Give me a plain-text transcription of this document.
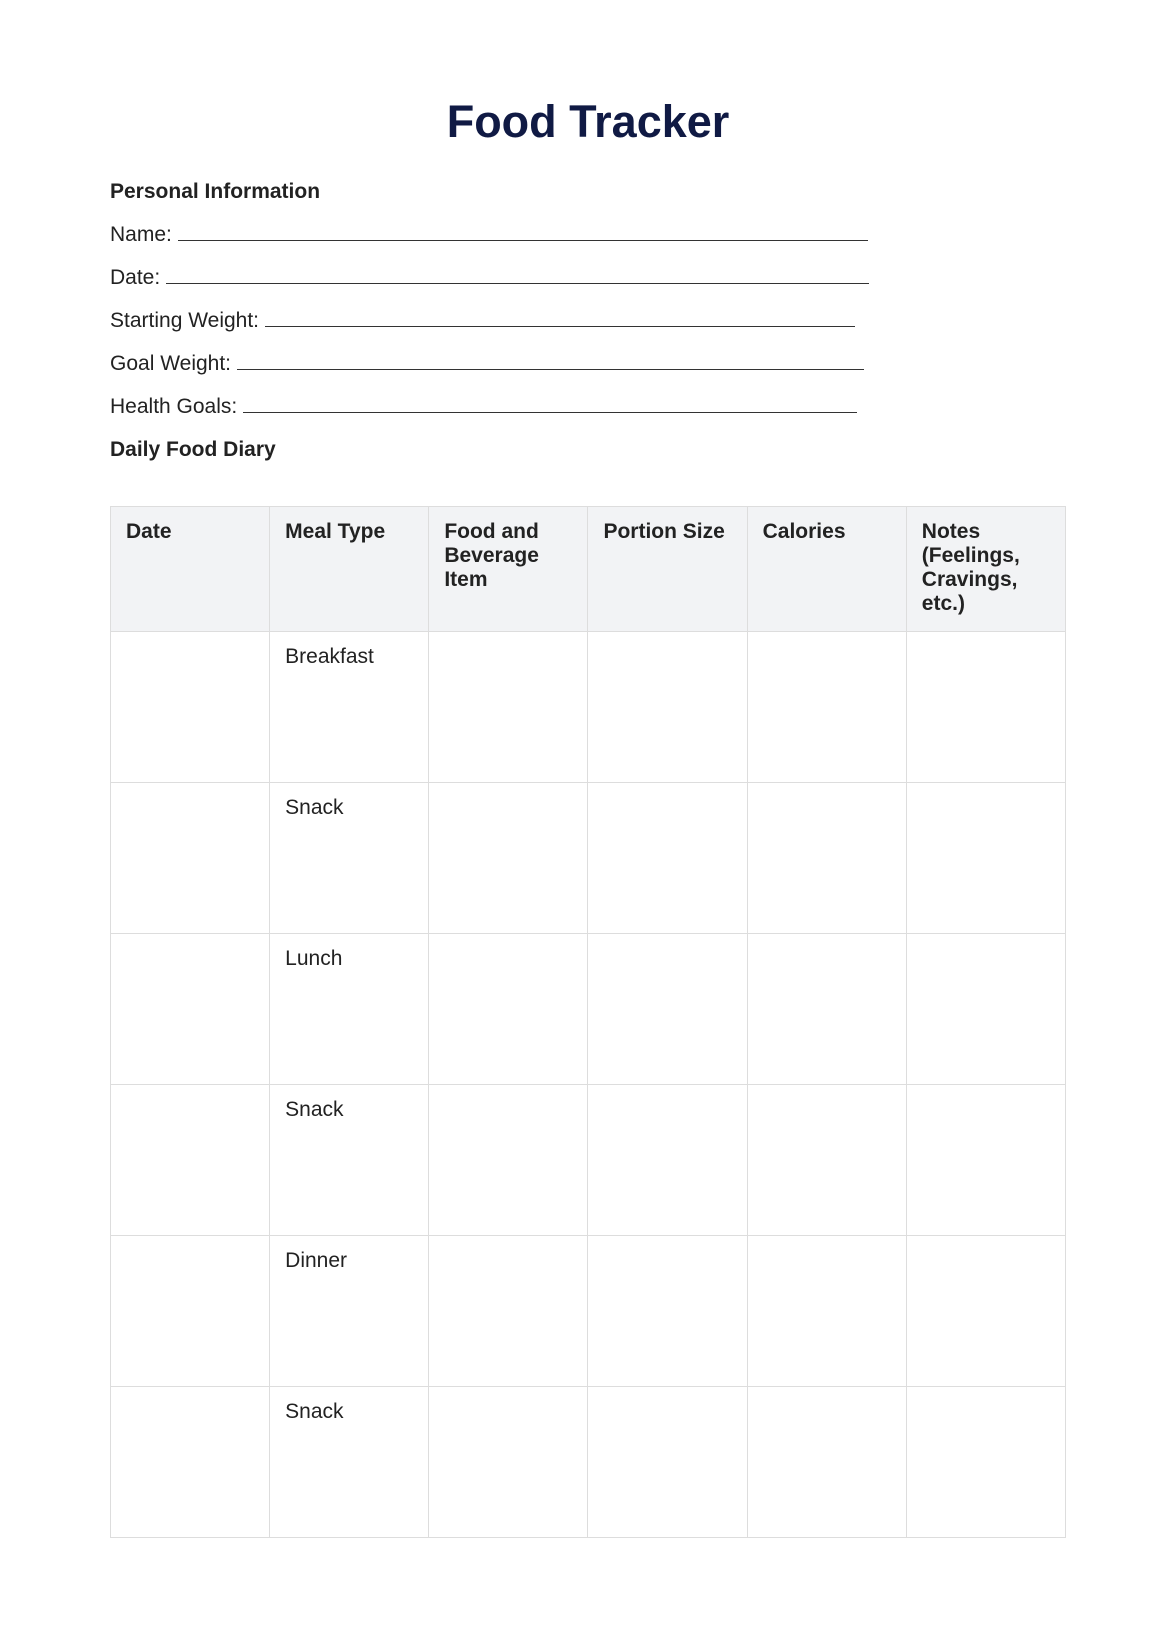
Food Tracker
Personal Information
Name:
Date:
Starting Weight:
Goal Weight:
Health Goals:
Daily Food Diary
Date	Meal Type	Food and Beverage Item	Portion Size	Calories	Notes (Feelings, Cravings, etc.)
	Breakfast				
	Snack				
	Lunch				
	Snack				
	Dinner				
	Snack				
